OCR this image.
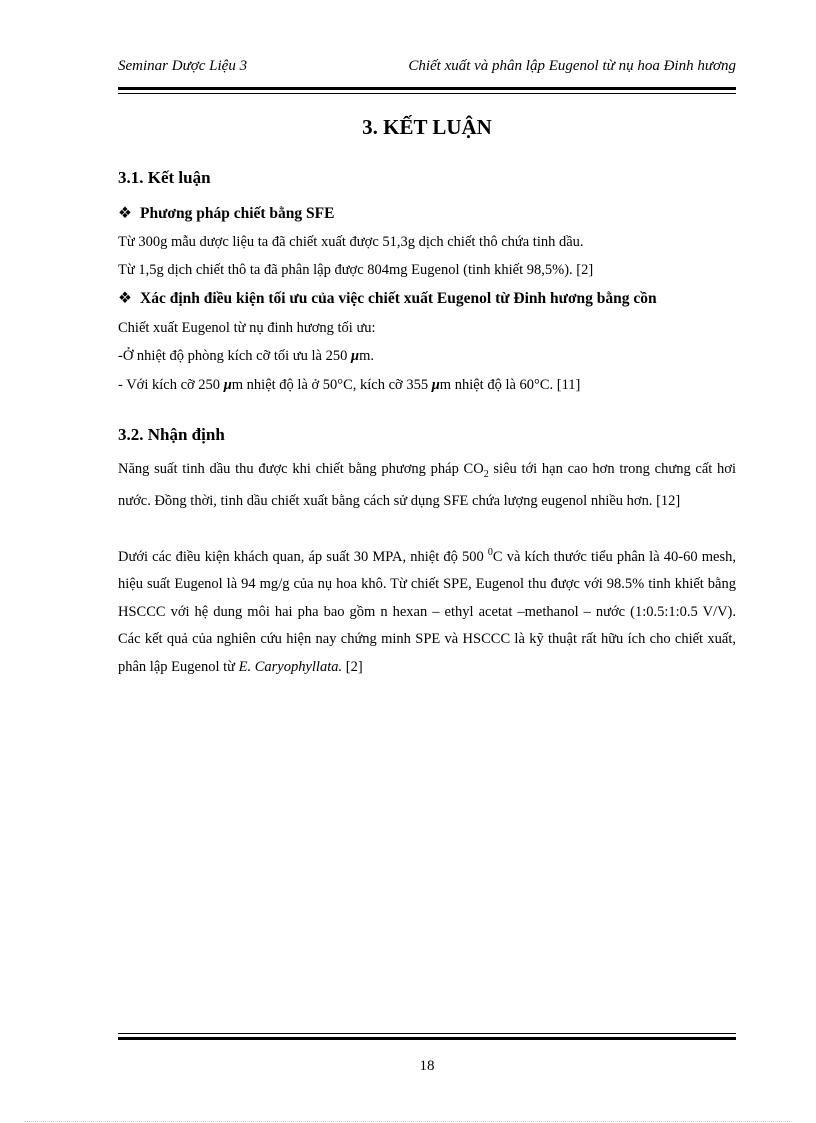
Seminar Dược Liệu 3	Chiết xuất và phân lập Eugenol từ nụ hoa Đinh hương
3. KẾT LUẬN
3.1. Kết luận
❖ Phương pháp chiết bằng SFE
Từ 300g mẫu dược liệu ta đã chiết xuất được 51,3g dịch chiết thô chứa tinh dầu.
Từ 1,5g dịch chiết thô ta đã phân lập được 804mg Eugenol (tinh khiết 98,5%). [2]
❖ Xác định điều kiện tối ưu của việc chiết xuất Eugenol từ Đinh hương bằng cồn
Chiết xuất Eugenol từ nụ đinh hương tối ưu:
-Ở nhiệt độ phòng kích cỡ tối ưu là 250 μm.
- Với kích cỡ 250 μm nhiệt độ là ở 50°C, kích cỡ 355 μm nhiệt độ là 60°C. [11]
3.2. Nhận định
Năng suất tinh dầu thu được khi chiết bằng phương pháp $CO_2$ siêu tới hạn cao hơn trong chưng cất hơi nước. Đồng thời, tinh dầu chiết xuất bằng cách sử dụng SFE chứa lượng eugenol nhiều hơn. [12]
Dưới các điều kiện khách quan, áp suất 30 MPA, nhiệt độ 500 $^0$C và kích thước tiểu phân là 40-60 mesh, hiệu suất Eugenol là 94 mg/g của nụ hoa khô. Từ chiết SPE, Eugenol thu được với 98.5% tinh khiết bằng HSCCC với hệ dung môi hai pha bao gồm n hexan – ethyl acetat –methanol – nước (1:0.5:1:0.5 V/V). Các kết quả của nghiên cứu hiện nay chứng minh SPE và HSCCC là kỹ thuật rất hữu ích cho chiết xuất, phân lập Eugenol từ E. Caryophyllata. [2]
18
